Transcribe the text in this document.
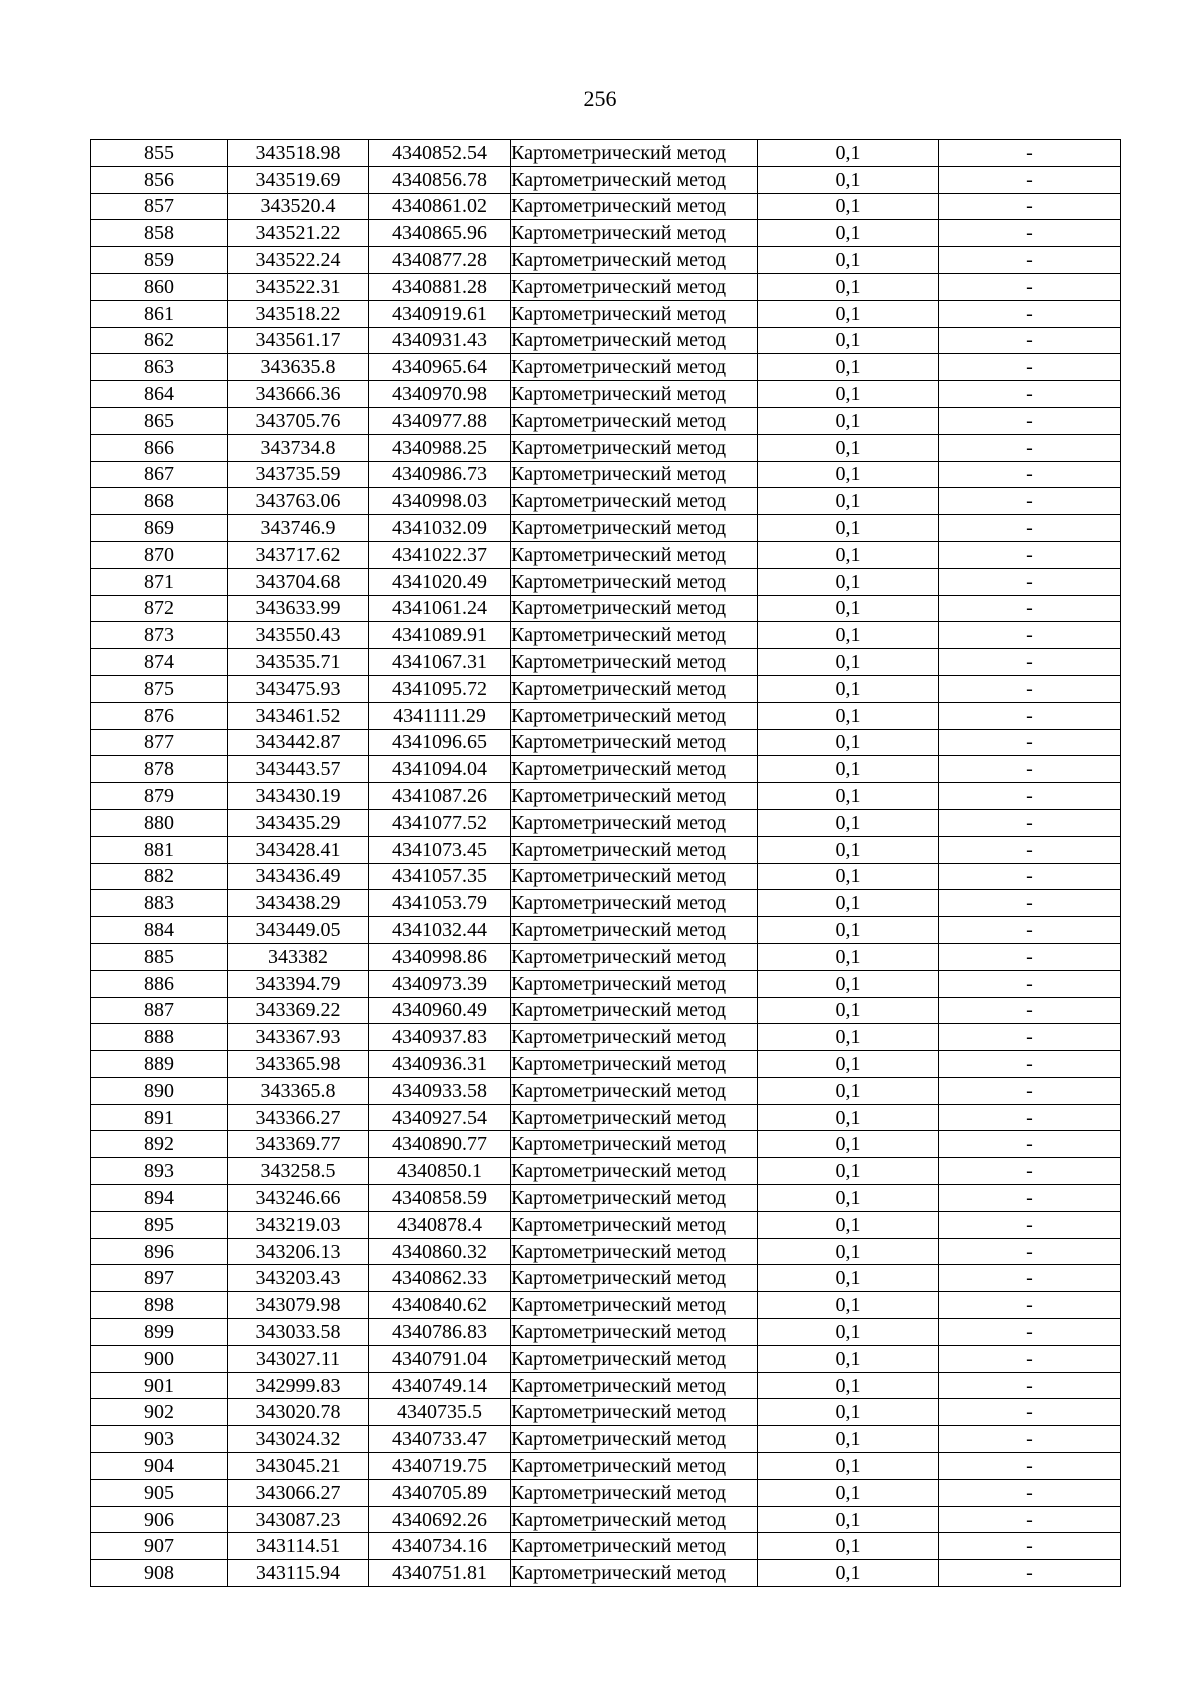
256
855	343518.98	4340852.54	Картометрический метод	0,1	-
856	343519.69	4340856.78	Картометрический метод	0,1	-
857	343520.4	4340861.02	Картометрический метод	0,1	-
858	343521.22	4340865.96	Картометрический метод	0,1	-
859	343522.24	4340877.28	Картометрический метод	0,1	-
860	343522.31	4340881.28	Картометрический метод	0,1	-
861	343518.22	4340919.61	Картометрический метод	0,1	-
862	343561.17	4340931.43	Картометрический метод	0,1	-
863	343635.8	4340965.64	Картометрический метод	0,1	-
864	343666.36	4340970.98	Картометрический метод	0,1	-
865	343705.76	4340977.88	Картометрический метод	0,1	-
866	343734.8	4340988.25	Картометрический метод	0,1	-
867	343735.59	4340986.73	Картометрический метод	0,1	-
868	343763.06	4340998.03	Картометрический метод	0,1	-
869	343746.9	4341032.09	Картометрический метод	0,1	-
870	343717.62	4341022.37	Картометрический метод	0,1	-
871	343704.68	4341020.49	Картометрический метод	0,1	-
872	343633.99	4341061.24	Картометрический метод	0,1	-
873	343550.43	4341089.91	Картометрический метод	0,1	-
874	343535.71	4341067.31	Картометрический метод	0,1	-
875	343475.93	4341095.72	Картометрический метод	0,1	-
876	343461.52	4341111.29	Картометрический метод	0,1	-
877	343442.87	4341096.65	Картометрический метод	0,1	-
878	343443.57	4341094.04	Картометрический метод	0,1	-
879	343430.19	4341087.26	Картометрический метод	0,1	-
880	343435.29	4341077.52	Картометрический метод	0,1	-
881	343428.41	4341073.45	Картометрический метод	0,1	-
882	343436.49	4341057.35	Картометрический метод	0,1	-
883	343438.29	4341053.79	Картометрический метод	0,1	-
884	343449.05	4341032.44	Картометрический метод	0,1	-
885	343382	4340998.86	Картометрический метод	0,1	-
886	343394.79	4340973.39	Картометрический метод	0,1	-
887	343369.22	4340960.49	Картометрический метод	0,1	-
888	343367.93	4340937.83	Картометрический метод	0,1	-
889	343365.98	4340936.31	Картометрический метод	0,1	-
890	343365.8	4340933.58	Картометрический метод	0,1	-
891	343366.27	4340927.54	Картометрический метод	0,1	-
892	343369.77	4340890.77	Картометрический метод	0,1	-
893	343258.5	4340850.1	Картометрический метод	0,1	-
894	343246.66	4340858.59	Картометрический метод	0,1	-
895	343219.03	4340878.4	Картометрический метод	0,1	-
896	343206.13	4340860.32	Картометрический метод	0,1	-
897	343203.43	4340862.33	Картометрический метод	0,1	-
898	343079.98	4340840.62	Картометрический метод	0,1	-
899	343033.58	4340786.83	Картометрический метод	0,1	-
900	343027.11	4340791.04	Картометрический метод	0,1	-
901	342999.83	4340749.14	Картометрический метод	0,1	-
902	343020.78	4340735.5	Картометрический метод	0,1	-
903	343024.32	4340733.47	Картометрический метод	0,1	-
904	343045.21	4340719.75	Картометрический метод	0,1	-
905	343066.27	4340705.89	Картометрический метод	0,1	-
906	343087.23	4340692.26	Картометрический метод	0,1	-
907	343114.51	4340734.16	Картометрический метод	0,1	-
908	343115.94	4340751.81	Картометрический метод	0,1	-
